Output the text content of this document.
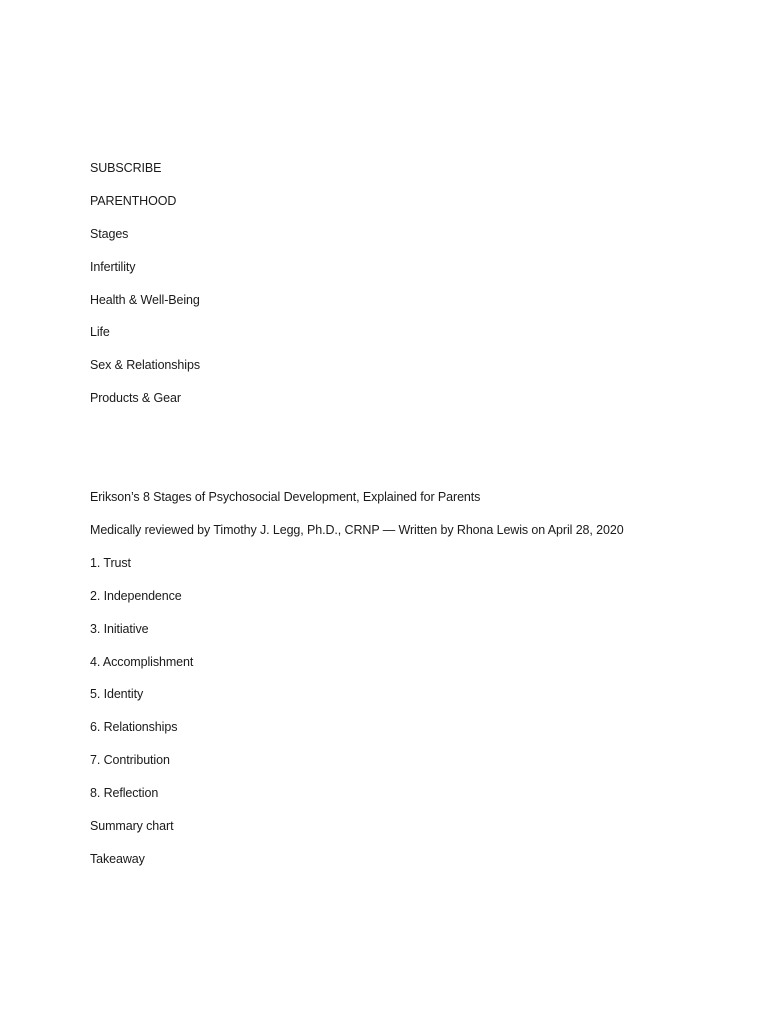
SUBSCRIBE
PARENTHOOD
Stages
Infertility
Health & Well-Being
Life
Sex & Relationships
Products & Gear
Erikson’s 8 Stages of Psychosocial Development, Explained for Parents
Medically reviewed by Timothy J. Legg, Ph.D., CRNP — Written by Rhona Lewis on April 28, 2020
1. Trust
2. Independence
3. Initiative
4. Accomplishment
5. Identity
6. Relationships
7. Contribution
8. Reflection
Summary chart
Takeaway
